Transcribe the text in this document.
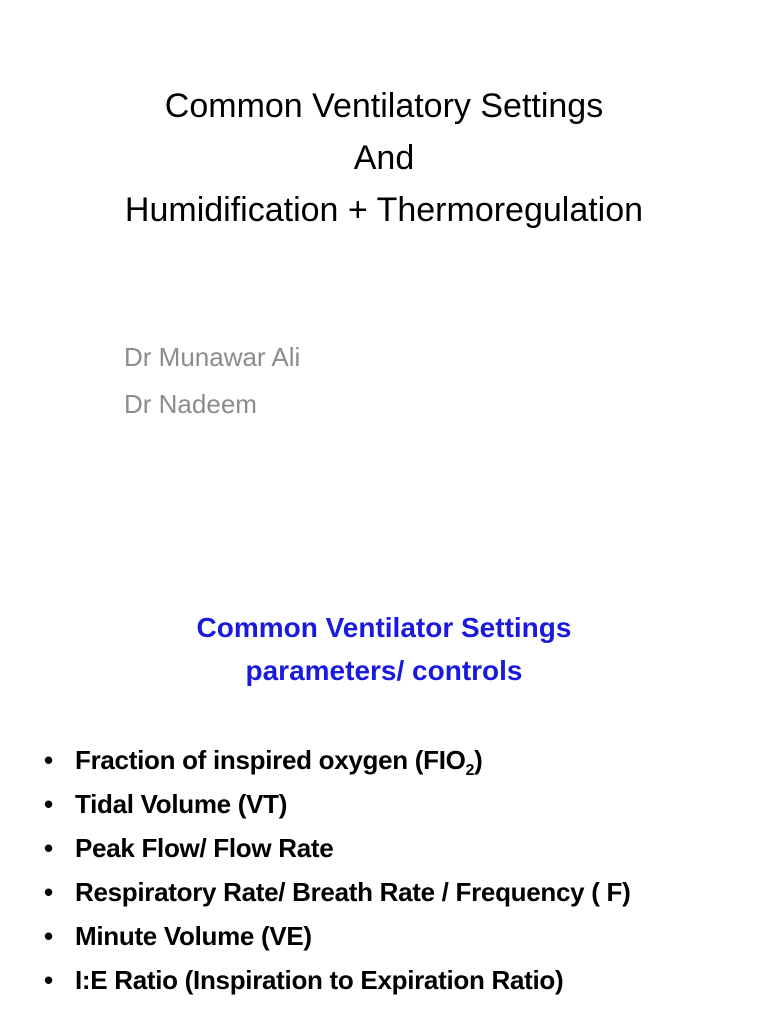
Common Ventilatory Settings
And
Humidification + Thermoregulation
Dr Munawar Ali
Dr Nadeem
Common Ventilator Settings
parameters/ controls
• Fraction of inspired oxygen $(FIO_2)$
• Tidal Volume (VT)
• Peak Flow/ Flow Rate
• Respiratory Rate/ Breath Rate / Frequency ( F)
• Minute Volume (VE)
• I:E Ratio (Inspiration to Expiration Ratio)
